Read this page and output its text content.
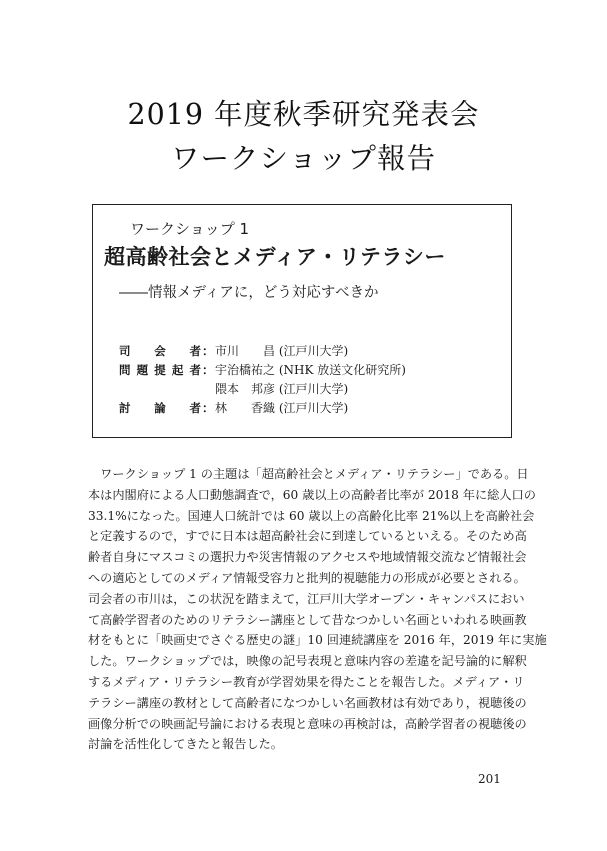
2019 年度秋季研究発表会
ワークショップ報告
ワークショップ 1
超高齢社会とメディア・リテラシー
――情報メディアに，どう対応すべきか
司　会　者 ： 市川　　昌 (江戸川大学)
問題提起者 ： 宇治橋祐之 (NHK 放送文化研究所)
隈本　邦彦 (江戸川大学)
討　論　者 ： 林　　香織 (江戸川大学)
　ワークショップ 1 の主題は「超高齢社会とメディア・リテラシー」である。日
本は内閣府による人口動態調査で，60 歳以上の高齢者比率が 2018 年に総人口の
33.1%になった。国連人口統計では 60 歳以上の高齢化比率 21%以上を高齢社会
と定義するので，すでに日本は超高齢社会に到達しているといえる。そのため高
齢者自身にマスコミの選択力や災害情報のアクセスや地域情報交流など情報社会
への適応としてのメディア情報受容力と批判的視聴能力の形成が必要とされる。
司会者の市川は，この状況を踏まえて，江戸川大学オープン・キャンパスにおい
て高齢学習者のためのリテラシー講座として昔なつかしい名画といわれる映画教
材をもとに「映画史でさぐる歴史の謎」10 回連続講座を 2016 年，2019 年に実施
した。ワークショップでは，映像の記号表現と意味内容の差違を記号論的に解釈
するメディア・リテラシー教育が学習効果を得たことを報告した。メディア・リ
テラシー講座の教材として高齢者になつかしい名画教材は有効であり，視聴後の
画像分析での映画記号論における表現と意味の再検討は，高齢学習者の視聴後の
討論を活性化してきたと報告した。
201
